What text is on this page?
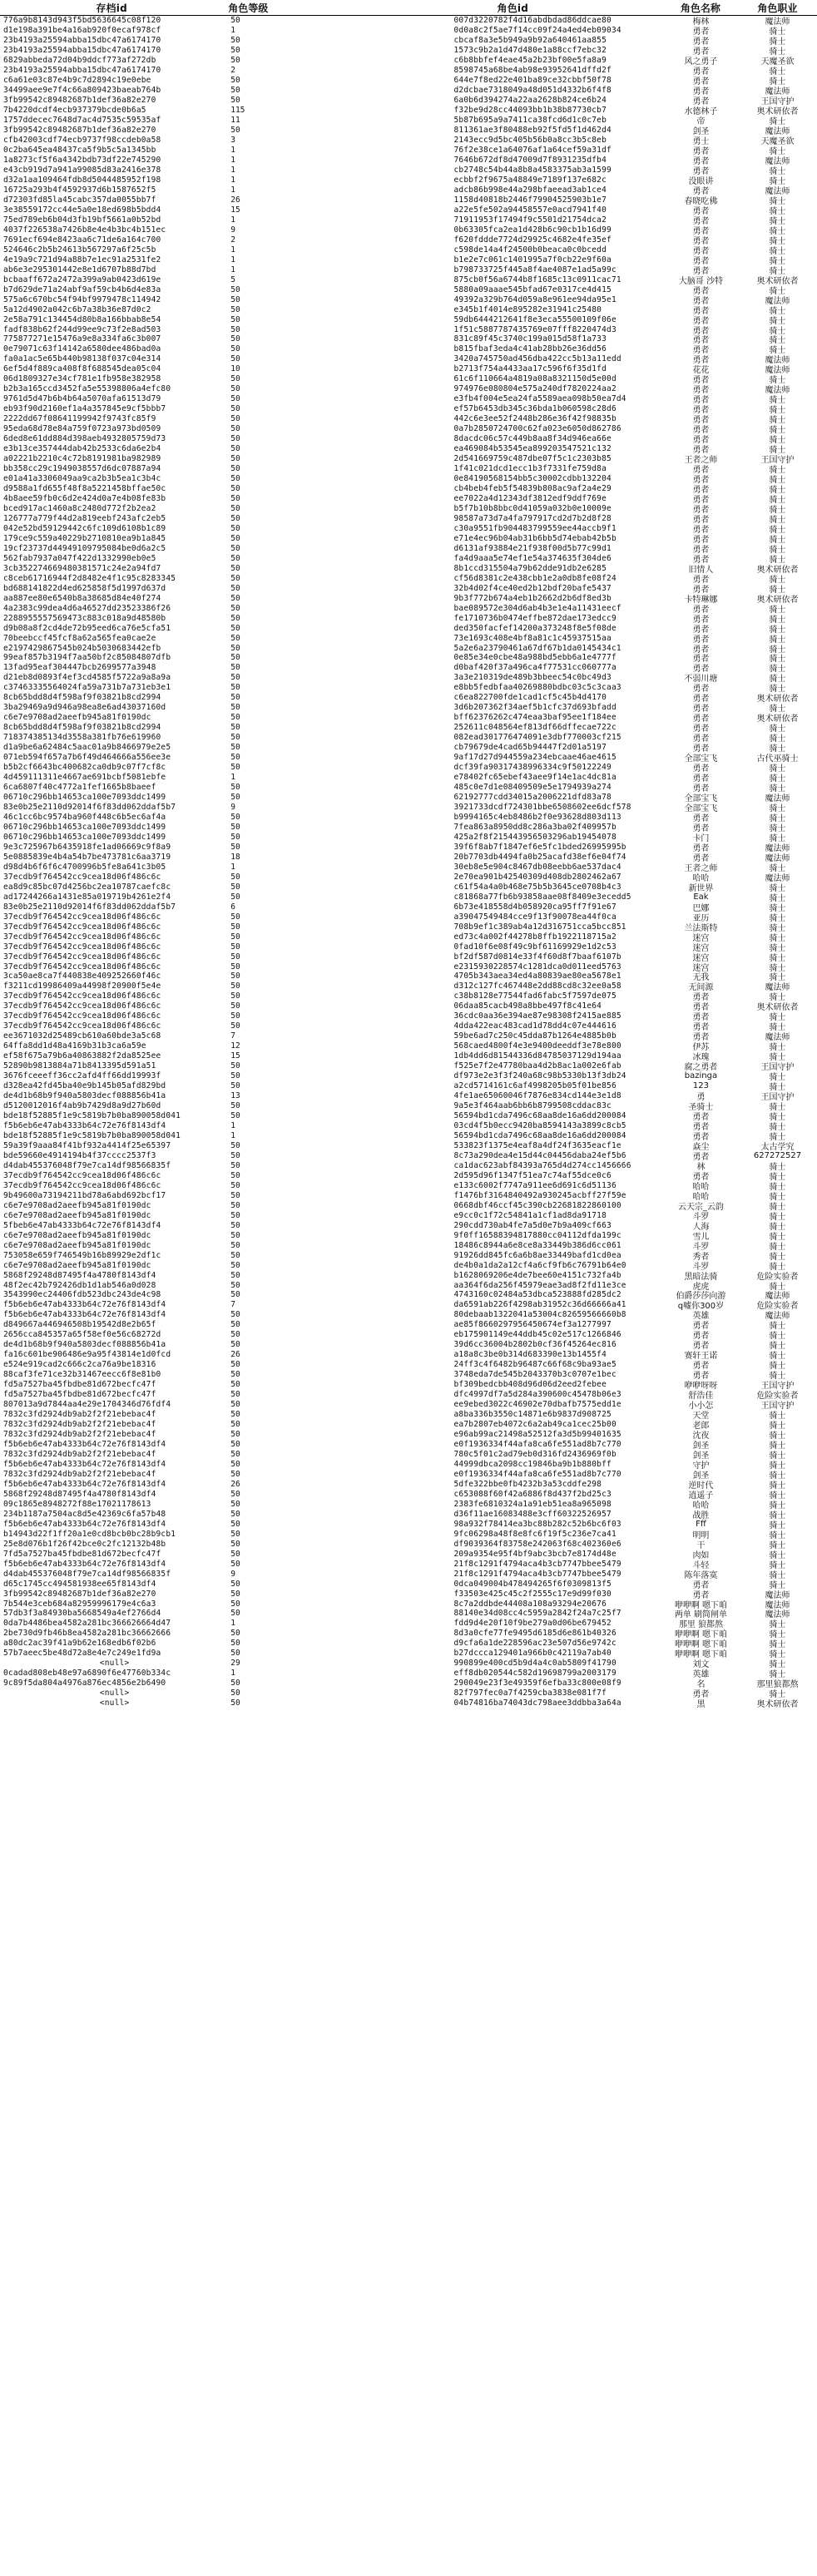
存档id	角色等级	角色id	角色名称	角色职业
776a9b8143d943f5bd5636645c08f120	50	007d3220782f4d16abdbdad86ddcae80	梅林	魔法师
d1e198a391be4a16ab920f0ecaf978cf	1	0d0a8c2f5ae7f14cc09f24a4ed4eb09034	勇者	骑士
23b4193a25594abba15dbc47a6174170	50	cbcaf8a3e5b949a9b92a640461aa855	勇者	骑士
23b4193a25594abba15dbc47a6174170	50	1573c9b2a1d47d480e1a88ccf7ebc32	勇者	骑士
6829abbeda72d04b9ddcf773af272db	50	c6b8bbfef4eae45a2b23bf00e5fa8a9	风之勇子	天魔圣欲
23b4193a25594abba15dbc47a6174170	2	8598745a68be4ab98e93952641dffd2f	勇者	骑士
c6a61e03c87e4b9c7d2894c19e0ebe	50	644e7f8ed22e401ba89ce32cbbf50f78	勇者	骑士
34499aee9e7f4c66a809423baeab764b	50	d2dcbae7318049a48d051d4332b6f4f8	勇者	魔法师
3fb99542c89482687b1def36a82e270	50	6a0b6d394274a22aa2628b824ce6b24	勇者	王国守护
7b4220dcdf4ecb937379bcde0b6a5	115	f32be9d28cc44093bb1b38b87730cb7	水德林子	奥术研依者
1757ddecec7648d7ac4d7535c59535af	11	5b87b695a9a7411ca38fcd6d1c0c7eb	帝	骑士
3fb99542c89482687b1def36a82e270	50	811361ae3f80488eb92f5fd5f1d462d4	剑圣	魔法师
cfb42003cdf74ecb9737f98ccdeb0a58	3	2143ecc9d5bc405b56b0a8cc3b5c8eb	勇士	天魔圣欲
0c2ba645ea48437ca5f9b5c5a1345bb	1	76f2e38ce1a64076af1a64cef59a31df	勇者	骑士
1a8273cf5f6a4342bdb73df22e745290	1	7646b672df8d47009d7f8931235dfb4	勇者	魔法师
e43cb919d7a941a99085d83a2416e378	1	cb2748c54b44a8b8a4583375ab3a1599	勇者	骑士
d32a1aa109464fdb8d5044485952f198	1	ecbbf2f9675a48849e7189f137e682c	没眼讲	骑士
16725a293b4f4592937d6b1587652f5	1	adcb86b998e44a298bfaeead3ab1ce4	勇者	魔法师
d72303fd85la45cabc357da0055bb7f	26	1158d40818b2446f79904525903b1e7	春晓吃佛	骑士
3e38559172cc44e5a0e18ed698b5bdd4	15	a22e5fe502a94458557e0acd7941f40	勇者	骑士
75ed789eb6b04d3fb19bf5661a0b52bd	1	71911953f17494f9c5501d21754dca2	勇者	骑士
4037f226538a7426b8e4e4b3bc4b151ec	9	0b63305fca2ea1d428b6c90cb1b16d99	勇者	骑士
7691ecf694e8423aa6c71de6a164c700	2	f620fddde7724d29925c4682e4fe35ef	勇者	骑士
524646c2b5b24613b567297a6f25c5b	1	c598de14a4f24500b0beaca0c0bcedd	勇者	骑士
4e19a9c721d94a88b7e1ec91a2531fe2	1	b1e2e7c061c1401995a7f0cb22e9f60a	勇者	骑士
ab6e3e295301442e8e1d6707b88d7bd	1	b798733725f445a8f4ae4087e1ad5a99c	勇者	骑士
bcbaaff672a2472a399a9ab0423d619e	5	875cb0f56a6744b8f1685c13c0911cac71	大脑哥 沙特	奥术研依者
b7d629de71a24abf9af59cb4b6d4e83a	50	5880a09aaae545bfad67e0317ce4d415	勇者	骑士
575a6c670bc54f94bf9979478c114942	50	49392a329b764d059a8e961ee94da95e1	勇者	魔法师
5a12d4902a042c6b7a38b36e87d0c2	50	e345b1f4014e895282e31941c25480	勇者	骑士
2e58a791c134454d80b8a166bbab8e54	50	59db6444212641f8e3eca55500109f06e	勇者	骑士
fadf838b62f244d99ee9c73f2e8ad503	50	1f51c5887787435769e07fff8220474d3	勇者	骑士
775877271e15476a9e8a334fa6c3b007	50	831c89f45c3740c199a015d58f1a733	勇者	骑士
0e79071c63f14142a6580dee486bad0a	50	b815fbaf3eda4c41ab28bb26e36dd56	勇者	骑士
fa0a1ac5e65b440b98138f037c04e314	50	3420a745750ad456dba422cc5b13a11edd	勇者	魔法师
6ef5d4f889ca408f8f688545dea05c04	10	b2713f754a4433aa17c596f6f35d1fd	花花	魔法师
06d1809327e34cf781e1fb958e382958	50	61c6f110664a4819a08a8321150d5e00d	勇者	骑士
b2b3a165ccd3452fa5e55398806a4efc80	50	974976e080804e575a240df7820224aa2	勇者	魔法师
9761d5d47b6b4b64a5070afa61513d79	50	e3fb4f004e5ea24fa5589aea098b50ea7d4	勇者	骑士
eb93f90d2160ef1a4a357845e9cf5bbb7	50	ef57b6453db345c36bda1b060598c28d6	勇者	骑士
2222dd67f08641199942f9743fc85f9	50	442c6e3ee52f2448b286e36f42f98835b	勇者	骑士
95eda68d78e84a759f0723a973bd0509	50	0a7b2850724700c62fa023e6050d862786	勇者	骑士
6ded8e61dd884d398aeb4932805759d73	50	8dacdc06c57c449b8aa8f34d946ea66e	勇者	骑士
e3b13ce357444dab42b2533c6da6e2b4	50	ea469084b53545ea899203547521c132	勇者	骑士
a02221b2210c4c72b8191981ba982989	50	2d541669759c487dbe07f5c1c2303b85	王者之师	王国守护
bb358cc29c1949038557d6dc07887a94	50	1f41c021dcd1ecc1b3f7331fe759d8a	勇者	骑士
e01a41a3306049aa9ca2b3b5ea1c3b4c	50	0e84190568154bb5c30002cdbb132204	勇者	骑士
d9588a1fd655f48f8a5221458bffae50c	50	cb4beb4feb5f54839b808ac9af2a4e29	勇者	骑士
4b8aee59fb0c6d2e424d0a7e4b08fe83b	50	ee7022a4d12343df3812edf9ddf769e	勇者	骑士
bced917ac1460a8c2480d772f2b2ea2	50	b5f7b10b8bbc0d41059a032b0e10009e	勇者	骑士
126777a779f44d2a819eebf243afc2eb5	50	98587a73d7a4fa797917cd2d7b2d8f28	勇者	骑士
042e52bd59129442c6fc109d6108b1c89	50	c30a9551fb904483799559ee44accb9f1	勇者	骑士
179ce9c559a40229b2710810ea9b1a845	50	e71e4ec96b04ab31b6bb5d74ebab42b5b	勇者	骑士
19cf23737d44949109795084be0d6a2c5	50	d6131af93884e21f938f00d5b77c99d1	勇者	骑士
562fab7937a047f422d1332990eb0e5	50	fa4d9aaa5e74ef1e54a374635f304de6	勇者	骑士
3cb352274669480381571c24e2a94fd7	50	8b1ccd315504a79b62dde91db2e6285	旧情人	奥术研依者
c8ceb61716944f2d8482e4f1c95c8283345	50	cf56d8381c2e438cbb1e2a0db8fe08f24	勇者	骑士
bd688141822d4ed625858f5d1997d637d	50	32b4d02f4ce40ed2b12bdf20bafe5437	勇者	骑士
aa887ee80e6540b8a38685d84e40f274	50	9b3f772b674a4eb1b2662d2b6df8ed3b	卡特琳娜	奥术研依者
4a2383c99dea4d6a46527dd23523386f26	50	bae089572e304d6ab4b3e1e4a11431eecf	勇者	骑士
2288955557569473c883c018a9d48580b	50	fe1710736b0474effbe872dae173edcc9	勇者	骑士
d9b08a8f2cd4de72b95eed6ca76e5cfa51	50	ded350facfef14200a373248f8e5f08de	勇者	骑士
70beebccf45fcf8a62a565fea0cae2e	50	73e1693c408e4bf8a81c1c45937515aa	勇者	骑士
e2197429867545b024b5030683442efb	50	5a2e6a23790461a67df67b1da0145434c1	勇者	骑士
99eaf857b3194f7aa50bf2c85084807dfb	50	0e85e34e0cbe48a988bd5ebb6a1e4777f	勇者	骑士
13fad95eaf304447bcb2699577a3948	50	d0baf420f37a496ca4f77531cc060777a	勇者	骑士
d21eb8d0893f4ef3cd4585f5722a9a8a9a	50	3a3e210319de489b3bbeec54c0bc49d3	不弱川塘	骑士
c37463335564024fa59a731b7a731eb3e1	50	e8bb5fedbfaa40269880bdbc03c5c3caa3	勇者	骑士
8cb65bdd8d4f598af9f03821b8cd2994	50	c6ea822700fde1cad1cf5c45b4d4170	勇者	奥术研依者
3ba29469a9d946a98ea8e6ad43037160d	50	3d6b207362f34aef5b1cfc37d693bfadd	勇者	骑士
c6e7e9708ad2aeefb945a81f0190dc	50	bff62376262c474eaa3baf95ee1f184ee	勇者	奥术研依者
8cb65bdd8d4f598af9f03821b8cd2994	50	252611c048564ef813df66dffecae722c	勇者	骑士
718374385134d3558a381fb76e619960	50	082ead301776474091e3dbf770003cf215	勇者	骑士
d1a9be6a62484c5aac01a9b8466979e2e5	50	cb79679de4cad65b94447f2d01a5197	勇者	骑士
071eb594f657a7b6f49d464666a556ee3e	50	9af17d27d944559a234ebcaae46ae4615	全部宝飞	古代巫骑士
b5b2cf6643bc400682ca0db9c07f7cf8c	50	dcf39fa90317438996334c9f50122249	勇者	骑士
4d459111311e4667ae691bcbf5081ebfe	1	e78402fc65ebef43aee9f14e1ac4dc81a	勇者	骑士
6ca6807f40c4772a1fef1665b8baeef	50	485c0e7d1e08409509e5e1794939a274	勇者	骑士
06710c296bb14653ca100e7093ddc1499	50	62192777cdd34015a2006221dfd83a78	全部宝飞	魔法师
83e0b25e2110d92014f6f83dd062ddaf5b7	9	3921733dcdf724301bbe6508602ee6dcf578	全部宝飞	骑士
46c1cc6bc9574ba960f448c6b5ec6af4a	50	b9994165c4eb8486b2f0e93628d803d113	勇者	骑士
06710c296bb14653ca100e7093ddc1499	50	7fea863a8950dd8c286a3ba02f409957b	勇者	骑士
06710c296bb14653ca100e7093ddc1499	50	425a2f8f215443956503296ab19454078	卡门	骑士
9e3c725967b6435918fe1ad06669c9f8a9	50	39f6f8ab7f1847ef6e5fc1bded26995995b	勇者	魔法师
5e0885839e4b4a54b7be473781c6aa3719	18	20b7703db4494fa0b25acafd38ef6e04f74	勇者	魔法师
d98d4b6f6f6c4700996b5fe8a641c3b05	1	30eb8e5e904c8467db08eebb6ae537dac4	王者之师	骑士
37ecdb9f764542cc9cea18d06f486c6c	50	2e70ea901b42540309d408db2802462a67	哈哈	魔法师
ea8d9c85bc07d4256bc2ea10787caefc8c	50	c61f54a4a0b468e75b5b3645ce0708b4c3	新世界	骑士
ad17244266a1431e85a019719b4261e2f4	50	c81868a77fb6b93858aae08f8409e3ecedd5	Eak	骑士
83e0b25e2110d92014f6f83dd062ddaf5b7	6	6b73e418558d4b058920ca95ff7f91e67	巴娜	骑士
37ecdb9f764542cc9cea18d06f486c6c	50	a39047549484cce9f13f90078ea44f0ca	亚历	骑士
37ecdb9f764542cc9cea18d06f486c6c	50	708b9ef1c389ab4a12d316751cca5bcc851	兰法斯特	骑士
37ecdb9f764542cc9cea18d06f486c6c	50	ed73c4a002f44278b8ffb1922118715a2	迷宫	骑士
37ecdb9f764542cc9cea18d06f486c6c	50	0fad10f6e08f49c9bf61169929e1d2c53	迷宫	骑士
37ecdb9f764542cc9cea18d06f486c6c	50	bf2df587d0814e33f4f60d8f7baaf6107b	迷宫	骑士
37ecdb9f764542cc9cea18d06f486c6c	50	e2315930228574c1281dca0d011eed5763	迷宫	骑士
3ca50ae8ca7f440838e409252660f46c	50	4705b343aea34ed4a80839ae80ea5678e1	无我	骑士
f3211cd19986409a44998f20900f5e4e	50	d312c127fc467448e2dd88cd8c32ee0a58	无间源	魔法师
37ecdb9f764542cc9cea18d06f486c6c	50	c38b8128e77544fad6fabc5f7597de075	勇者	骑士
37ecdb9f764542cc9cea18d06f486c6c	50	06daa85cacb498a8bbe497f8c41e64	勇者	奥术研依者
37ecdb9f764542cc9cea18d06f486c6c	50	36cdc0aa36e394ae87e98308f2415ae885	勇者	骑士
37ecdb9f764542cc9cea18d06f486c6c	50	4dda422eac483cad1d78dd4c07e444616	勇者	骑士
ee3671032d25489cb610a60bde3a5c68	7	59be6ad7c250c45dda87b1264e4885b0b	勇者	魔法师
64ffa8dd1d48a4169b31b3ca6a59e	12	568caed4800f4e3e9400deeddf3e78e800	伊苏	骑士
ef58f675a79b6a40863882f2da8525ee	15	1db4dd6d81544336d84785037129d194aa	冰瑰	骑士
52890b9813884a71b8413395d591a51	50	f525e7f2e47780baa4d2b8ac1a002e6fab	腐之勇者	王国守护
3676fceeeff36cc2afd4ff66dd19993f	50	df973e2e3f3f240a68c98b5330b13f3db24	bazinga	骑士
d328ea42fd45ba40e9b145b05afd829bd	50	a2cd5714161c6af4998205b05f01be856	123	骑士
de4d1b68b9f940a5803decf088856b41a	13	4fe1ae65060046f7876e834cd144e3e1d8	勇	王国守护
d5120012016f4ab9b7429d8a9d27b60d	50	9a5e3f464aab6bb6b8799508cddac83c	圣骑士	骑士
bde18f52885f1e9c5819b7b0ba890058d041	50	56594bd1cda7496c68aa8de16a6dd200084	勇者	骑士
f5b6eb6e47ab4333b64c72e76f8143df4	1	03cd4f5b0ecc9420ba8594143a3899c8cb5	勇者	骑士
bde18f52885f1e9c5819b7b0ba890058d041	1	56594bd1cda7496c68aa8de16a6dd200084	勇者	骑士
59a39f9aaa84f41bf932a4414f25e65397	50	533823f1375e4eaf8a4df24f3635eacf1e	焱尘	太古学究
bde59660e4914194b4f37cccc2537f3	50	8c73a290dea4e15d44c04456daba24ef5b6	勇者	627272527
d4dab455376048f79e7ca14df98566835f	50	ca1dac623abf84393a765d4d274cc1456666	林	骑士
37ecdb9f764542cc9cea18d06f486c6c	50	2d595d96f1347f51ea7c74af55dce0c6	勇者	骑士
37ecdb9f764542cc9cea18d06f486c6c	50	e133c6002f7747a911ee6d691c6d51136	哈哈	骑士
9b49600a73194211bd78a6abd692bcf17	50	f1476bf3164840492a930245acbff27f59e	哈哈	骑士
c6e7e9708ad2aeefb945a81f0190dc	50	0668dbf46ccf45c390cb22681822860100	云天宗_云韵	骑士
c6e7e9708ad2aeefb945a81f0190dc	50	e9cc0c1f72c54841a1cf1ad8da91718	斗罗	骑士
5fbeb6e47ab4333b64c72e76f8143df4	50	290cdd730ab4fe7a5d0e7b9a409cf663	人海	骑士
c6e7e9708ad2aeefb945a81f0190dc	50	9f0ff16588394817880cc04112dfda199c	雪儿	骑士
c6e7e9708ad2aeefb945a81f0190dc	50	18486c8944a6e8ce8a33449b386d6cc061	斗罗	骑士
753058e659f746549b16b89929e2df1c	50	91926dd845fc6a6b8ae33449bafd1cd0ea	秀者	骑士
c6e7e9708ad2aeefb945a81f0190dc	50	de4b0a1da2a12cf4a6cf9fb6c76791b64e0	斗罗	骑士
5868f29248d87495f4a4780f8143df4	50	b1628069206e4de7bee60e4151c732fa4b	黑暗法骑	危险实验者
48f2ec42b792426db1d1ab546a0d028	50	aa364f6da256f45979eae3ad8f2fd11e3ce	虎虎	骑士
3543990ec24406fdb523dbc243de4c98	50	4743160c02484a53dbca523888fd285dc2	伯爵莎莎向游	魔法师
f5b6eb6e47ab4333b64c72e76f8143df4	7	da6591ab226f4298ab31952c36d66666a41	q嘘你300岁	危险实验者
f5b6eb6e47ab4333b64c72e76f8143df4	50	80debaab1322041a53004c82659566660b8	英雄	魔法师
d849667a446946508b19542d8e2b65f	50	ae85f8660297956450674ef3a1277997	勇者	骑士
2656cca845357a65f58ef0e56c68272d	50	eb175901149e44ddb45c02e517c1266846	勇者	骑士
de4d1b68b9f940a5803decf088856b41a	50	39d6cc36004b2802b0cf36f45264ec816	勇者	骑士
fa16c601be906486e9a95f43814e1d0fcd	26	a18a8c3be0b314d683390e13b1455f4	赛轩王诺	骑士
e524e919cad2c666c2ca76a9be18316	50	24ff3c4f6482b96487c66f68c9ba93ae5	勇者	骑士
88caf3fe71ce32b31467eecc6f8e81b0	50	3748eda7de545b2043370b3c0707e1bec	勇者	骑士
fd5a7527ba45fbdbe81d672becfc47f	50	bf309bedcbb408d96d06d2eed2febee	咿咿呀呀	王国守护
fd5a7527ba45fbdbe81d672becfc47f	50	dfc4997df7a5d284a390600c45478b06e3	舒浩佳	危险实验者
807013a9d7844aa4e29e1704346d76fdf4	50	ee9ebed3022c46902e70dbafb7575edd1e	小小怎	王国守护
7832c3fd2924db9ab2f2f21ebebac4f	50	a8ba336b3550c14871e6b9837d908725	天堂	骑士
7832c3fd2924db9ab2f2f21ebebac4f	50	ea7b2807eb4072c6a2ab49ca1cec25b00	老郎	骑士
7832c3fd2924db9ab2f2f21ebebac4f	50	e96ab99ac21498a52512fa3d5b99401635	沈夜	骑士
f5b6eb6e47ab4333b64c72e76f8143df4	50	e0f1936334f44afa8ca6fe551ad8b7c770	剑圣	骑士
7832c3fd2924db9ab2f2f21ebebac4f	50	780c5f01c2ad79eb0d316fd2436969f0b	剑圣	骑士
f5b6eb6e47ab4333b64c72e76f8143df4	50	44999dbca2098cc19846ba9b1b880bff	守护	骑士
7832c3fd2924db9ab2f2f21ebebac4f	50	e0f1936334f44afa8ca6fe551ad8b7c770	剑圣	骑士
f5b6eb6e47ab4333b64c72e76f8143df4	26	5dfe322bbe0fb4232b3a53cddfe298	逆时代	骑士
5868f29248d87495f4a4780f8143df4	50	c653088f60f42a6886f8d437f2bd25c3	逍遥子	骑士
09c1865e8948272f88e17021178613	50	2383fe6810324a1a91eb51ea8a965098	哈哈	骑士
234b1187a7504ac8d5e42369c6fa57b48	50	d36f11ae16083488e3cff60322526957	战胜	骑士
f5b6eb6e47ab4333b64c72e76f8143df4	50	98a932f78414ea3bc88b282c52b6bc6f03	Fff	骑士
b14943d22f1ff20a1e0cd8bcb0bc28b9cb1	50	9fc06298a48f8e8fc6f19f5c236e7ca41	明明	骑士
25e8d076b1f26f42bce0c2fc12132b48b	50	df9039364f83758e242063f68c402360e6	干	骑士
7fd5a7527ba45fbdbe81d672becfc47f	50	209a9354e95f4bf9abc3bcb7e8174d48e	肉如	骑士
f5b6eb6e47ab4333b64c72e76f8143df4	50	21f8c1291f4794aca4b3cb7747bbee5479	斗轻	骑士
d4dab455376048f79e7ca14df98566835f	9	21f8c1291f4794aca4b3cb7747bbee5479	陈年落寞	骑士
d65c1745cc494581938ee65f8143df4	50	0dca049004b478494265f6f0309813f5	勇者	骑士
3fb99542c89482687b1def36a82e270	50	f33503e425c45c2f2555c17e9d99f030	勇者	魔法师
7b544e3ceb684a82959996179e4c6a3	50	8c7a2ddbde44408a108a93294e20676	咿咿啊 嗯下咱	魔法师
57db3f3a84930ba5668549a4ef2766d4	50	88140e34d08cc4c5959a2842f24a7c25f7	两单 刷简闸单	魔法师
0da7b4486bea4582a281bc366626664d47	1	fdd9d4e20f10f9be279a0d06be679452	那里 狼都熬	骑士
2be730d9fb46b8ea4582a281bc36662666	50	8d3a0cfe77fe9495d6185d6e861b40326	咿咿啊 嗯下咱	骑士
a80dc2ac39f41a9b62e168edb6f02b6	50	d9cfa6a1de228596ac23e507d56e9742c	咿咿啊 嗯下咱	骑士
57b7aeec5be48d72a8e4e7c249e1fd9a	50	b27dccca129401a966b0c42119a7ab40	咿咿啊 嗯下咱	骑士
<null>	29	990899e400cd5b9d4a4c0ab5809f41790	刘文	骑士
0cadad808eb48e97a6890f6e47760b334c	1	eff8db020544c582d19698799a2003179	英雄	骑士
9c89f5da804a4976a876ec4856e2b6490	50	290049e23f3e49359f6efba33c800e08f9	名	那里狼都熬
<null>	50	82f797fec0a7f4259cba3838e081f7f	勇者	骑士
<null>	50	04b74816ba74043dc798aee3ddbba3a64a	黑	奥术研依者
